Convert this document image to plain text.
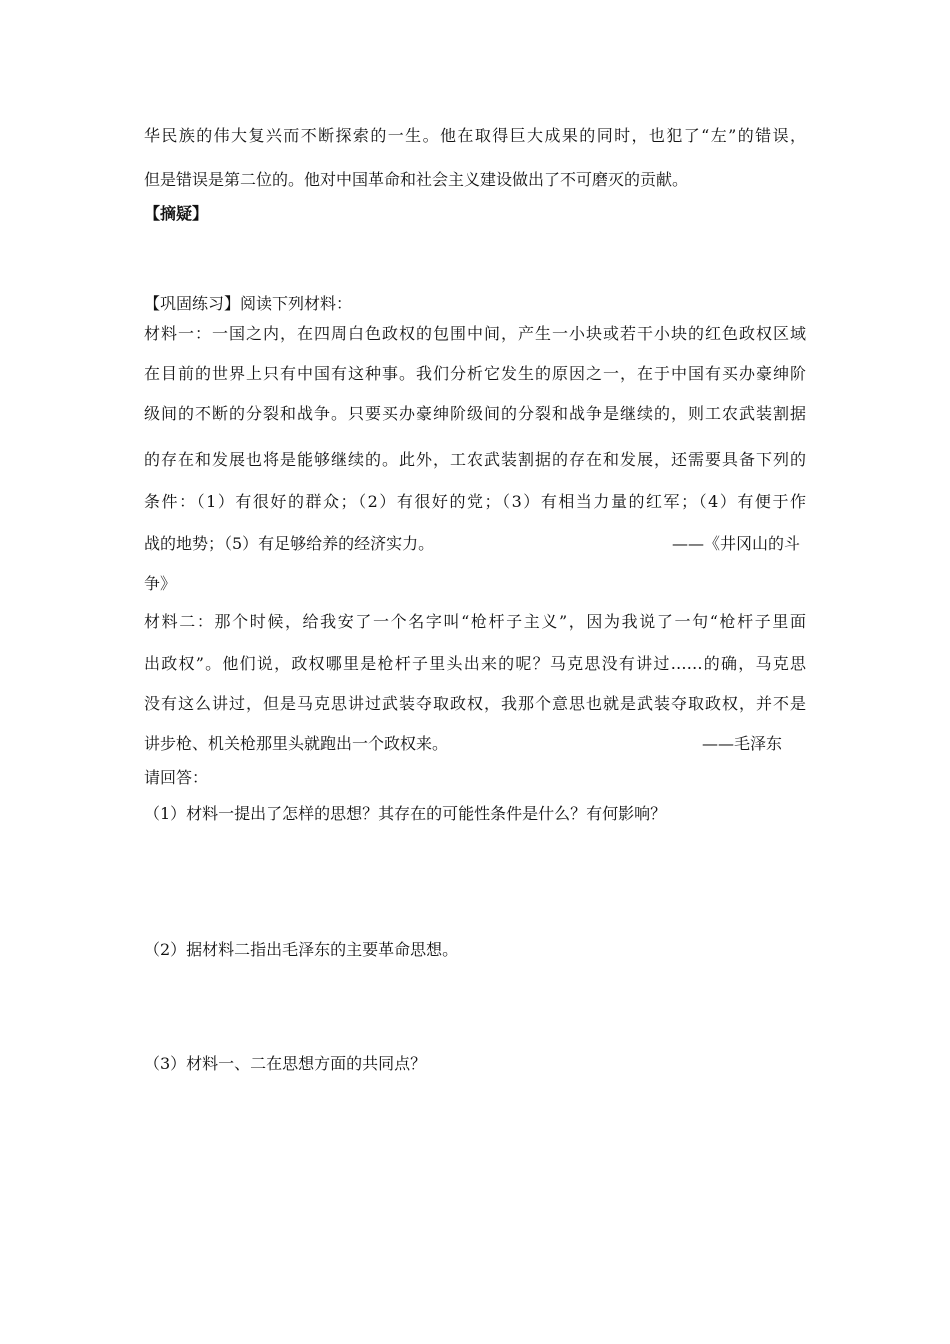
华民族的伟大复兴而不断探索的一生。他在取得巨大成果的同时，也犯了“左”的错误，
但是错误是第二位的。他对中国革命和社会主义建设做出了不可磨灭的贡献。
【摘疑】
【巩固练习】阅读下列材料：
材料一：一国之内，在四周白色政权的包围中间，产生一小块或若干小块的红色政权区域
在目前的世界上只有中国有这种事。我们分析它发生的原因之一，在于中国有买办豪绅阶
级间的不断的分裂和战争。只要买办豪绅阶级间的分裂和战争是继续的，则工农武装割据
的存在和发展也将是能够继续的。此外，工农武装割据的存在和发展，还需要具备下列的
条件：（1）有很好的群众；（2）有很好的党；（3）有相当力量的红军；（4）有便于作
战的地势；（5）有足够给养的经济实力。	——《井冈山的斗
争》
材料二：那个时候，给我安了一个名字叫“枪杆子主义”，因为我说了一句“枪杆子里面
出政权”。他们说，政权哪里是枪杆子里头出来的呢？马克思没有讲过……的确，马克思
没有这么讲过，但是马克思讲过武装夺取政权，我那个意思也就是武装夺取政权，并不是
讲步枪、机关枪那里头就跑出一个政权来。	——毛泽东
请回答：
（1）材料一提出了怎样的思想？其存在的可能性条件是什么？有何影响？
（2）据材料二指出毛泽东的主要革命思想。
（3）材料一、二在思想方面的共同点？
